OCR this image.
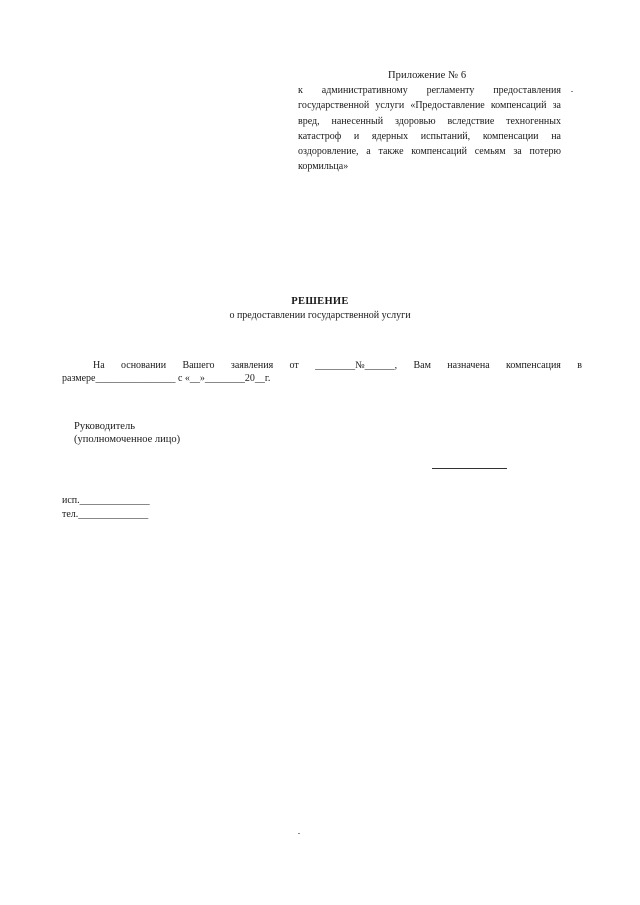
Приложение № 6
к административному регламенту предоставления государственной услуги «Предоставление компенсаций за вред, нанесенный здоровью вследствие техногенных катастроф и ядерных испытаний, компенсации на оздоровление, а также компенсаций семьям за потерю кормильца»
РЕШЕНИЕ
о предоставлении государственной услуги
На основании Вашего заявления от ________№______, Вам назначена компенсация в
размере________________ с «__»________20__г.
Руководитель
(уполномоченное лицо)
исп.______________
тел.______________
